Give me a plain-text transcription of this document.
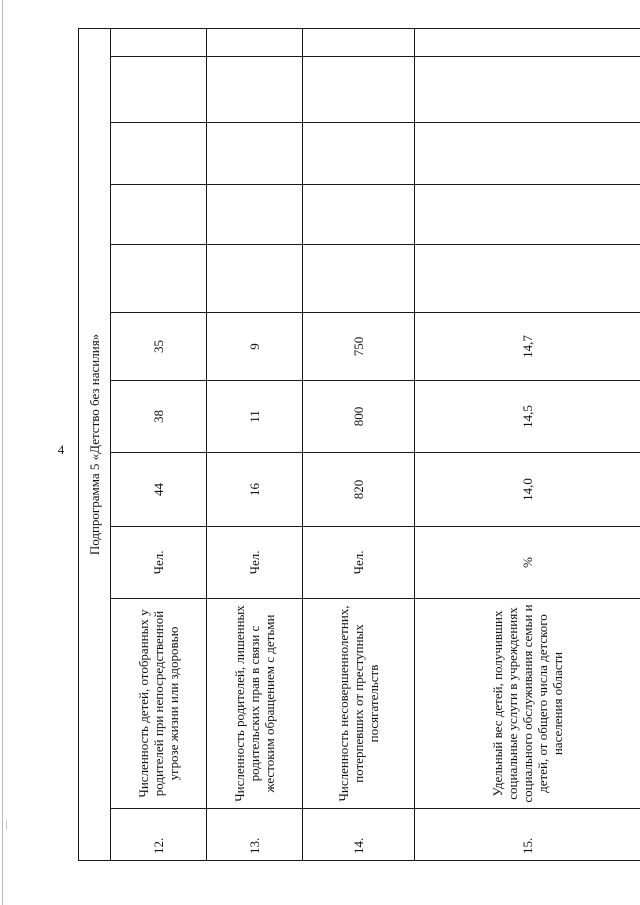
4 Подпрограмма 5 «Детство без насилия»										
12.	Численность детей, отобранных у родителей при непосредственной угрозе жизни или здоровью	Чел.	44	38	35					
13.	Численность родителей, лишенных родительских прав в связи с жестоким обращением с детьми	Чел.	16	11	9					
14.	Численность несовершеннолетних, потерпевших от преступных посягательств	Чел.	820	800	750					
15.	Удельный вес детей, получивших социальные услуги в учреждениях социального обслуживания семьи и детей, от общего числа детского населения области	%	14,0	14,5	14,7					
